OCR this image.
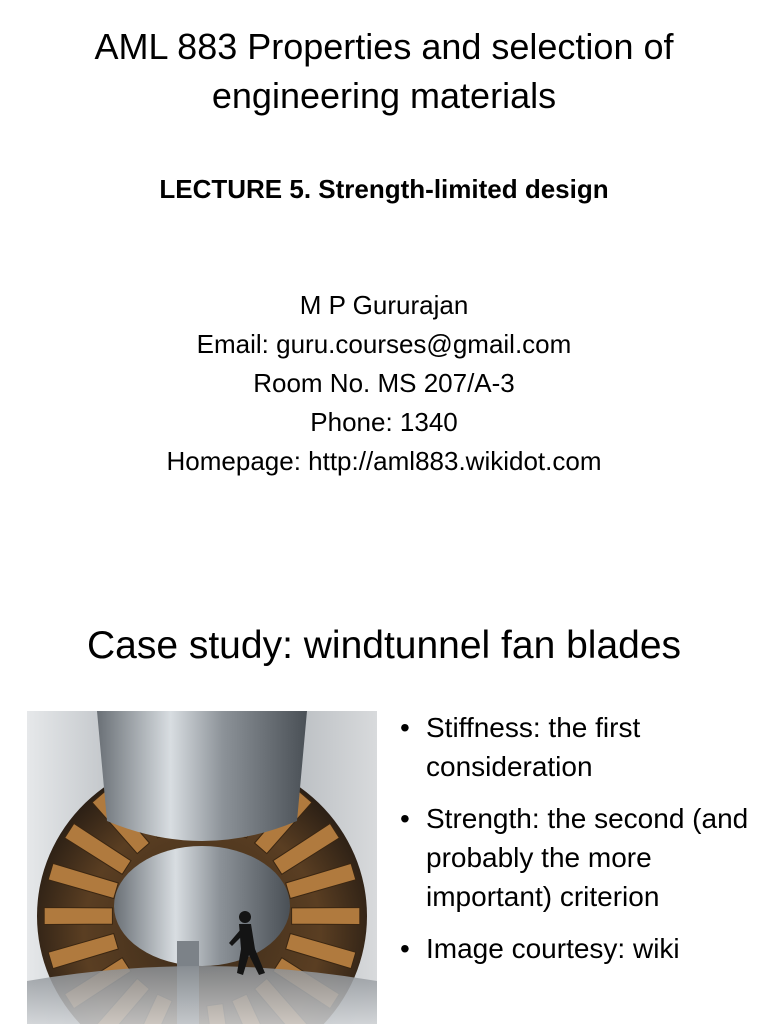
AML 883 Properties and selection of
engineering materials
LECTURE 5. Strength-limited design
M P Gururajan
Email: guru.courses@gmail.com
Room No. MS 207/A-3
Phone: 1340
Homepage: http://aml883.wikidot.com
Case study: windtunnel fan blades
• Stiffness: the first consideration
• Strength: the second (and probably the more important) criterion
• Image courtesy: wiki
